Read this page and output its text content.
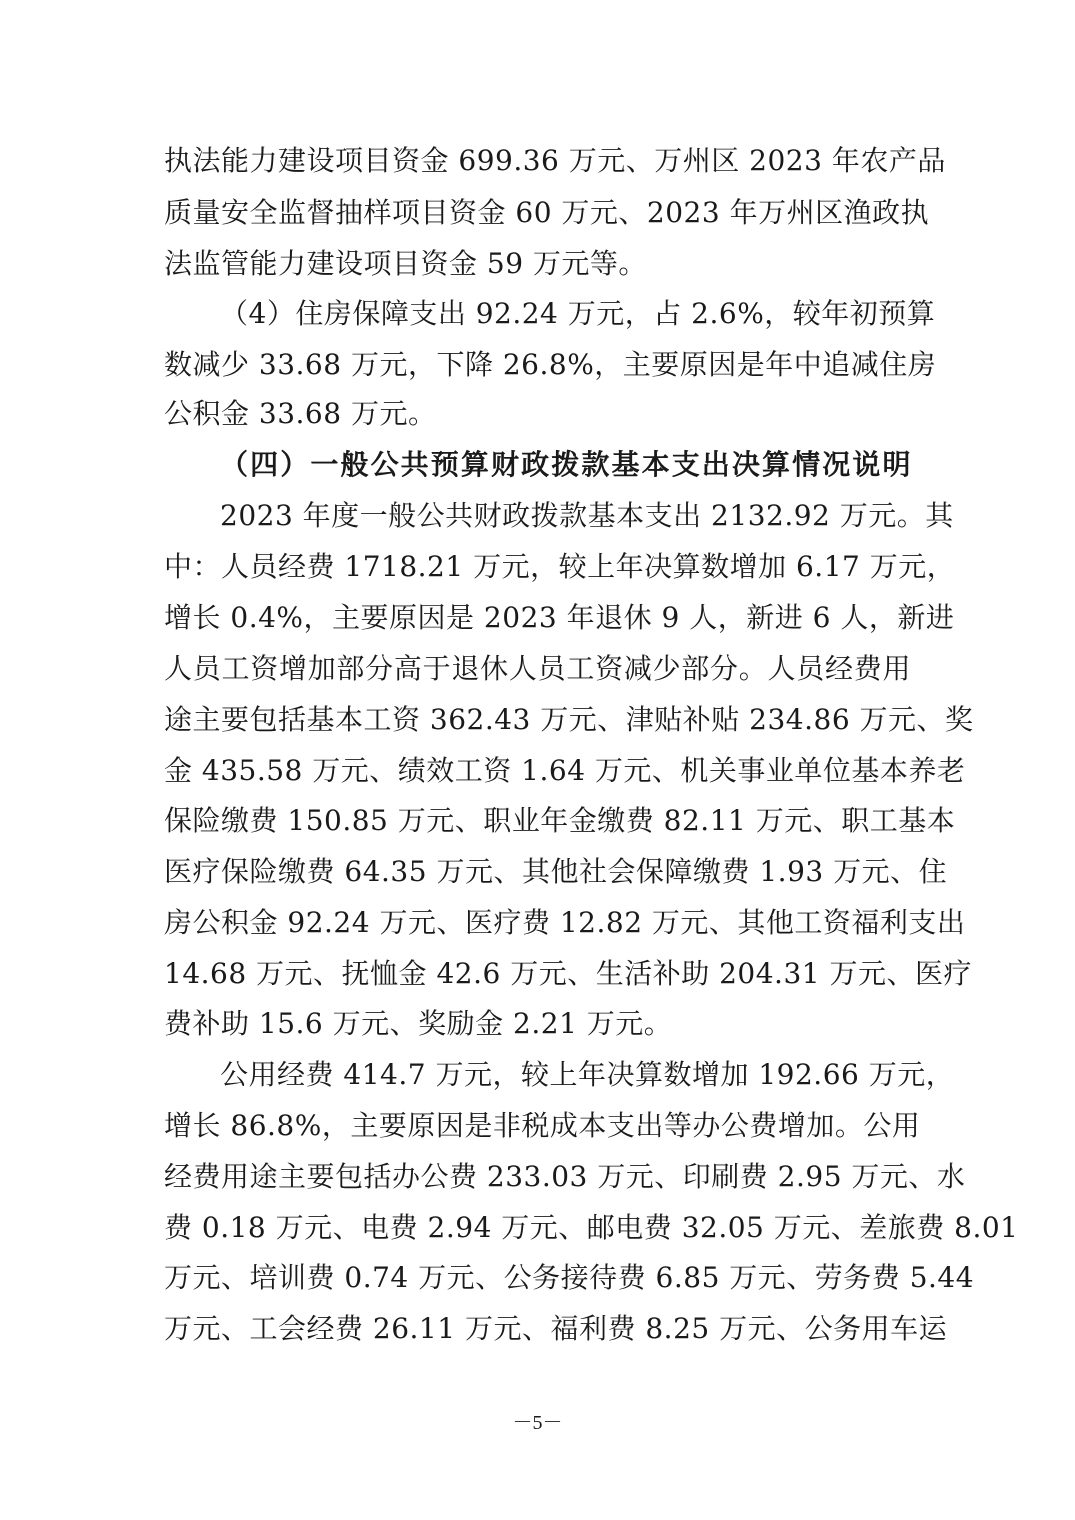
执法能力建设项目资金 699.36 万元、万州区 2023 年农产品
质量安全监督抽样项目资金 60 万元、2023 年万州区渔政执
法监管能力建设项目资金 59 万元等。
（4）住房保障支出 92.24 万元，占 2.6%，较年初预算
数减少 33.68 万元，下降 26.8%，主要原因是年中追减住房
公积金 33.68 万元。
（四）一般公共预算财政拨款基本支出决算情况说明
2023 年度一般公共财政拨款基本支出 2132.92 万元。其
中：人员经费 1718.21 万元，较上年决算数增加 6.17 万元，
增长 0.4%，主要原因是 2023 年退休 9 人，新进 6 人，新进
人员工资增加部分高于退休人员工资减少部分。人员经费用
途主要包括基本工资 362.43 万元、津贴补贴 234.86 万元、奖
金 435.58 万元、绩效工资 1.64 万元、机关事业单位基本养老
保险缴费 150.85 万元、职业年金缴费 82.11 万元、职工基本
医疗保险缴费 64.35 万元、其他社会保障缴费 1.93 万元、住
房公积金 92.24 万元、医疗费 12.82 万元、其他工资福利支出
14.68 万元、抚恤金 42.6 万元、生活补助 204.31 万元、医疗
费补助 15.6 万元、奖励金 2.21 万元。
公用经费 414.7 万元，较上年决算数增加 192.66 万元，
增长 86.8%，主要原因是非税成本支出等办公费增加。公用
经费用途主要包括办公费 233.03 万元、印刷费 2.95 万元、水
费 0.18 万元、电费 2.94 万元、邮电费 32.05 万元、差旅费 8.01
万元、培训费 0.74 万元、公务接待费 6.85 万元、劳务费 5.44
万元、工会经费 26.11 万元、福利费 8.25 万元、公务用车运
－5－
